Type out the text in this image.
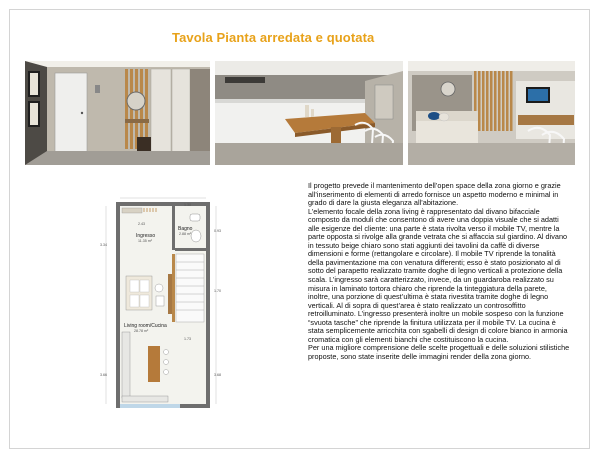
Tavola Pianta arredata e quotata

Il progetto prevede il mantenimento dell’open space della zona giorno e grazie all’inserimento di elementi di arredo fornisce un aspetto moderno e minimal in grado di dare la giusta eleganza all’abitazione.
L’elemento focale della zona living è rappresentato dal divano bifacciale composto da moduli che consentono di avere una doppia visuale che si adatti alle esigenze del cliente: una parte è stata rivolta verso il mobile TV, mentre la parte opposta si rivolge alla grande vetrata che si affaccia sul giardino. Al divano in tessuto beige chiaro sono stati aggiunti dei tavolini da caffè di diverse dimensioni e forme (rettangolare e circolare). Il mobile TV riprende la tonalità della pavimentazione ma con venatura differenti; esso è stato posizionato al di sotto del parapetto realizzato tramite doghe di legno verticali a protezione della scala. L’ingresso sarà caratterizzato, invece, da un guardaroba realizzato su misura in laminato tortora chiaro che riprende la tinteggiatura della parete, inoltre, una porzione di quest’ultima è stata rivestita tramite doghe di legno verticali. Al di sopra di quest’area è stato realizzato un controsoffitto retroilluminato. L’ingresso presenterà inoltre un mobile sospeso con la funzione “svuota tasche” che riprende la finitura utilizzata per il mobile TV. La cucina è stata semplicemente arricchita con sgabelli di design di colore bianco in armonia cromatica con gli elementi bianchi che costituiscono la cucina.
Per una migliore comprensione delle scelte progettuali e delle soluzioni stilistiche proposte, sono state inserite delle immagini render della zona giorno.

2.43
1.30
3.34
3.66
0.93
1.70
1.73
3.68
Ingresso
11.35 m²
Bagno
2.88 m²
Living room/Cucina
28.78 m²
